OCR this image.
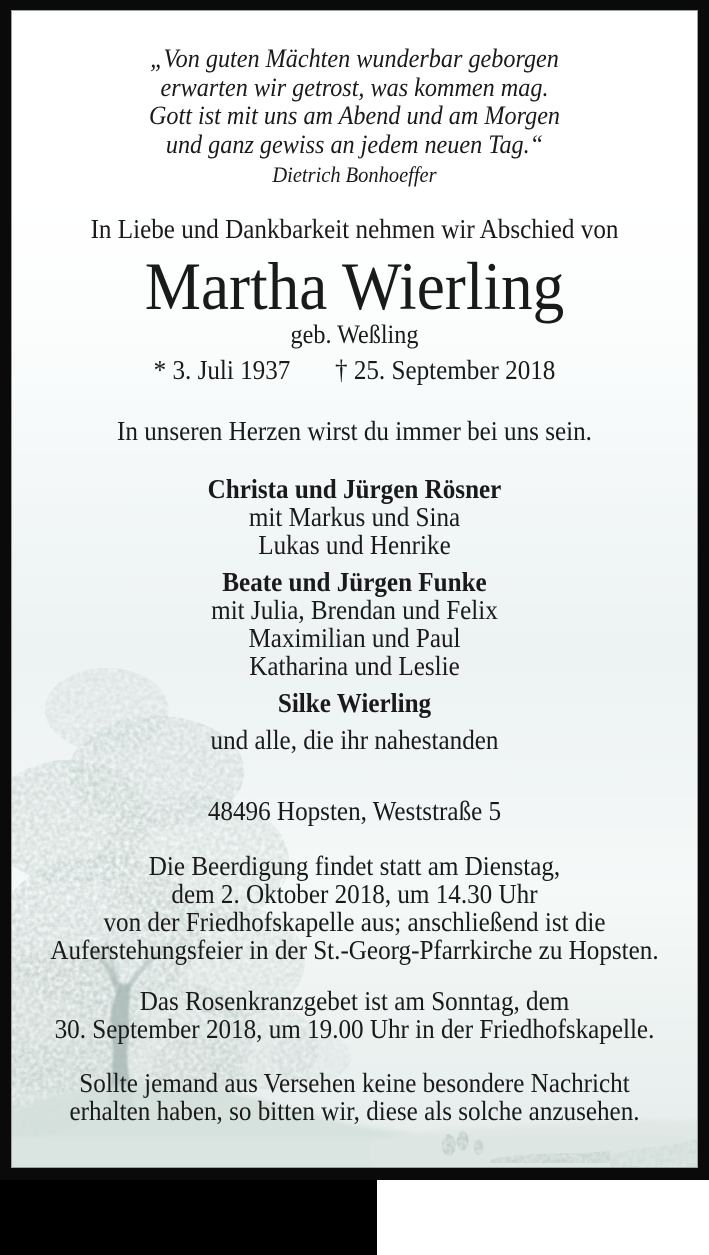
„Von guten Mächten wunderbar geborgen
erwarten wir getrost, was kommen mag.
Gott ist mit uns am Abend und am Morgen
und ganz gewiss an jedem neuen Tag.“
Dietrich Bonhoeffer
In Liebe und Dankbarkeit nehmen wir Abschied von
Martha Wierling
geb. Weßling
* 3. Juli 1937 † 25. September 2018
In unseren Herzen wirst du immer bei uns sein.
Christa und Jürgen Rösner
mit Markus und Sina
Lukas und Henrike
Beate und Jürgen Funke
mit Julia, Brendan und Felix
Maximilian und Paul
Katharina und Leslie
Silke Wierling
und alle, die ihr nahestanden
48496 Hopsten, Weststraße 5
Die Beerdigung findet statt am Dienstag,
dem 2. Oktober 2018, um 14.30 Uhr
von der Friedhofskapelle aus; anschließend ist die
Auferstehungsfeier in der St.-Georg-Pfarrkirche zu Hopsten.
Das Rosenkranzgebet ist am Sonntag, dem
30. September 2018, um 19.00 Uhr in der Friedhofskapelle.
Sollte jemand aus Versehen keine besondere Nachricht
erhalten haben, so bitten wir, diese als solche anzusehen.
